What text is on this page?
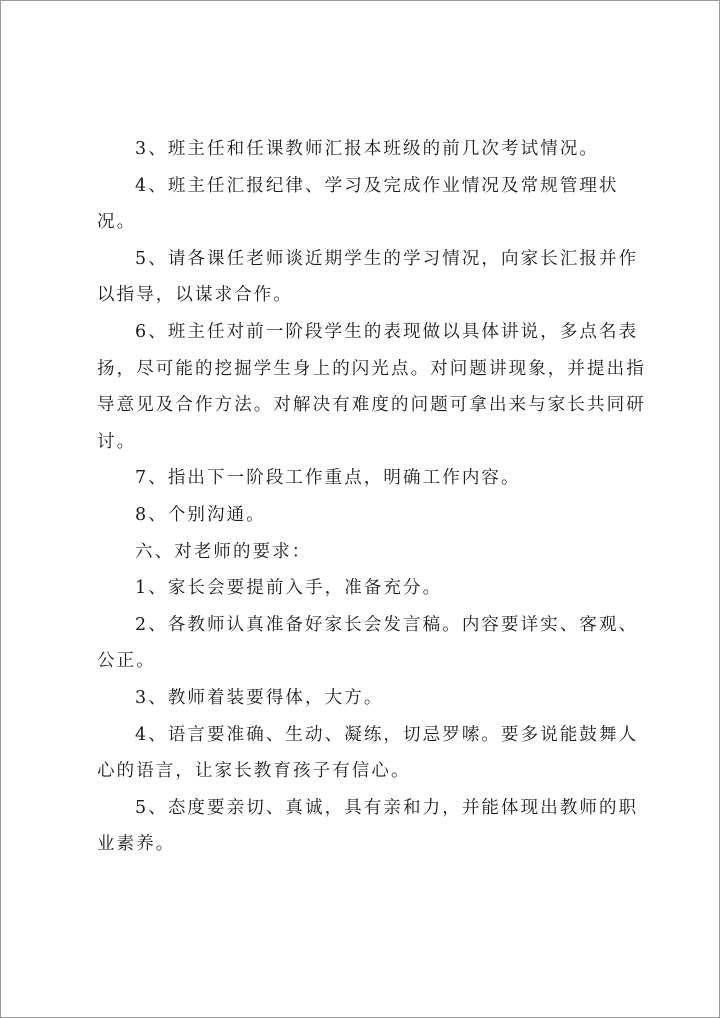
3、班主任和任课教师汇报本班级的前几次考试情况。
4、班主任汇报纪律、学习及完成作业情况及常规管理状
况。
5、请各课任老师谈近期学生的学习情况，向家长汇报并作
以指导，以谋求合作。
6、班主任对前一阶段学生的表现做以具体讲说，多点名表
扬，尽可能的挖掘学生身上的闪光点。对问题讲现象，并提出指
导意见及合作方法。对解决有难度的问题可拿出来与家长共同研
讨。
7、指出下一阶段工作重点，明确工作内容。
8、个别沟通。
六、对老师的要求：
1、家长会要提前入手，准备充分。
2、各教师认真准备好家长会发言稿。内容要详实、客观、
公正。
3、教师着装要得体，大方。
4、语言要准确、生动、凝练，切忌罗嗦。要多说能鼓舞人
心的语言，让家长教育孩子有信心。
5、态度要亲切、真诚，具有亲和力，并能体现出教师的职
业素养。
